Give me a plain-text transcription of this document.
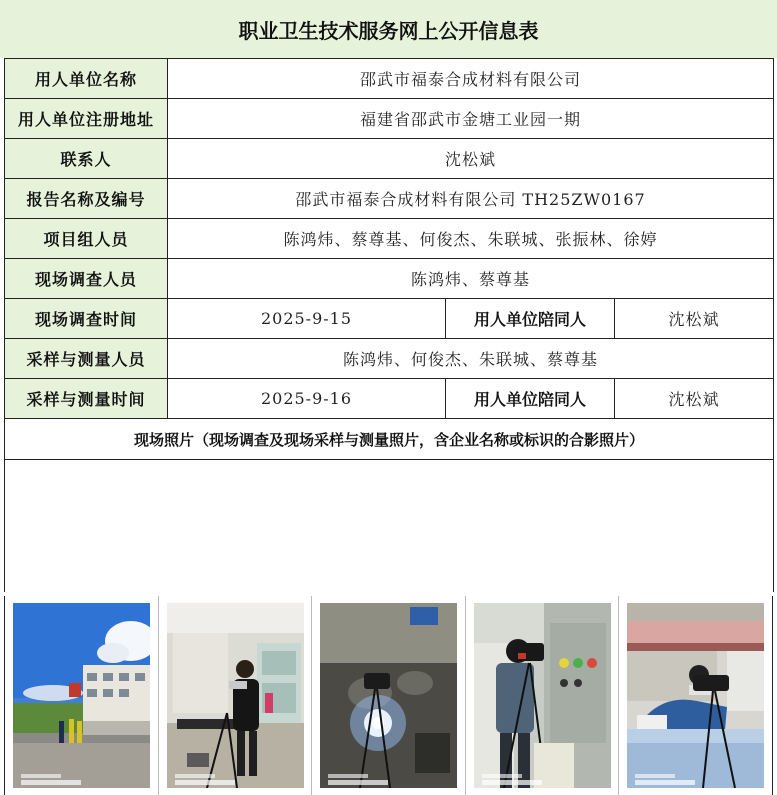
职业卫生技术服务网上公开信息表
用人单位名称	邵武市福泰合成材料有限公司		
用人单位注册地址	福建省邵武市金塘工业园一期		
联系人	沈松斌		
报告名称及编号	邵武市福泰合成材料有限公司 TH25ZW0167		
项目组人员	陈鸿炜、蔡尊基、何俊杰、朱联城、张振林、徐婷		
现场调查人员	陈鸿炜、蔡尊基		
现场调查时间	2025-9-15	用人单位陪同人	沈松斌
采样与测量人员	陈鸿炜、何俊杰、朱联城、蔡尊基		
采样与测量时间	2025-9-16	用人单位陪同人	沈松斌
现场照片（现场调查及现场采样与测量照片，含企业名称或标识的合影照片）			
